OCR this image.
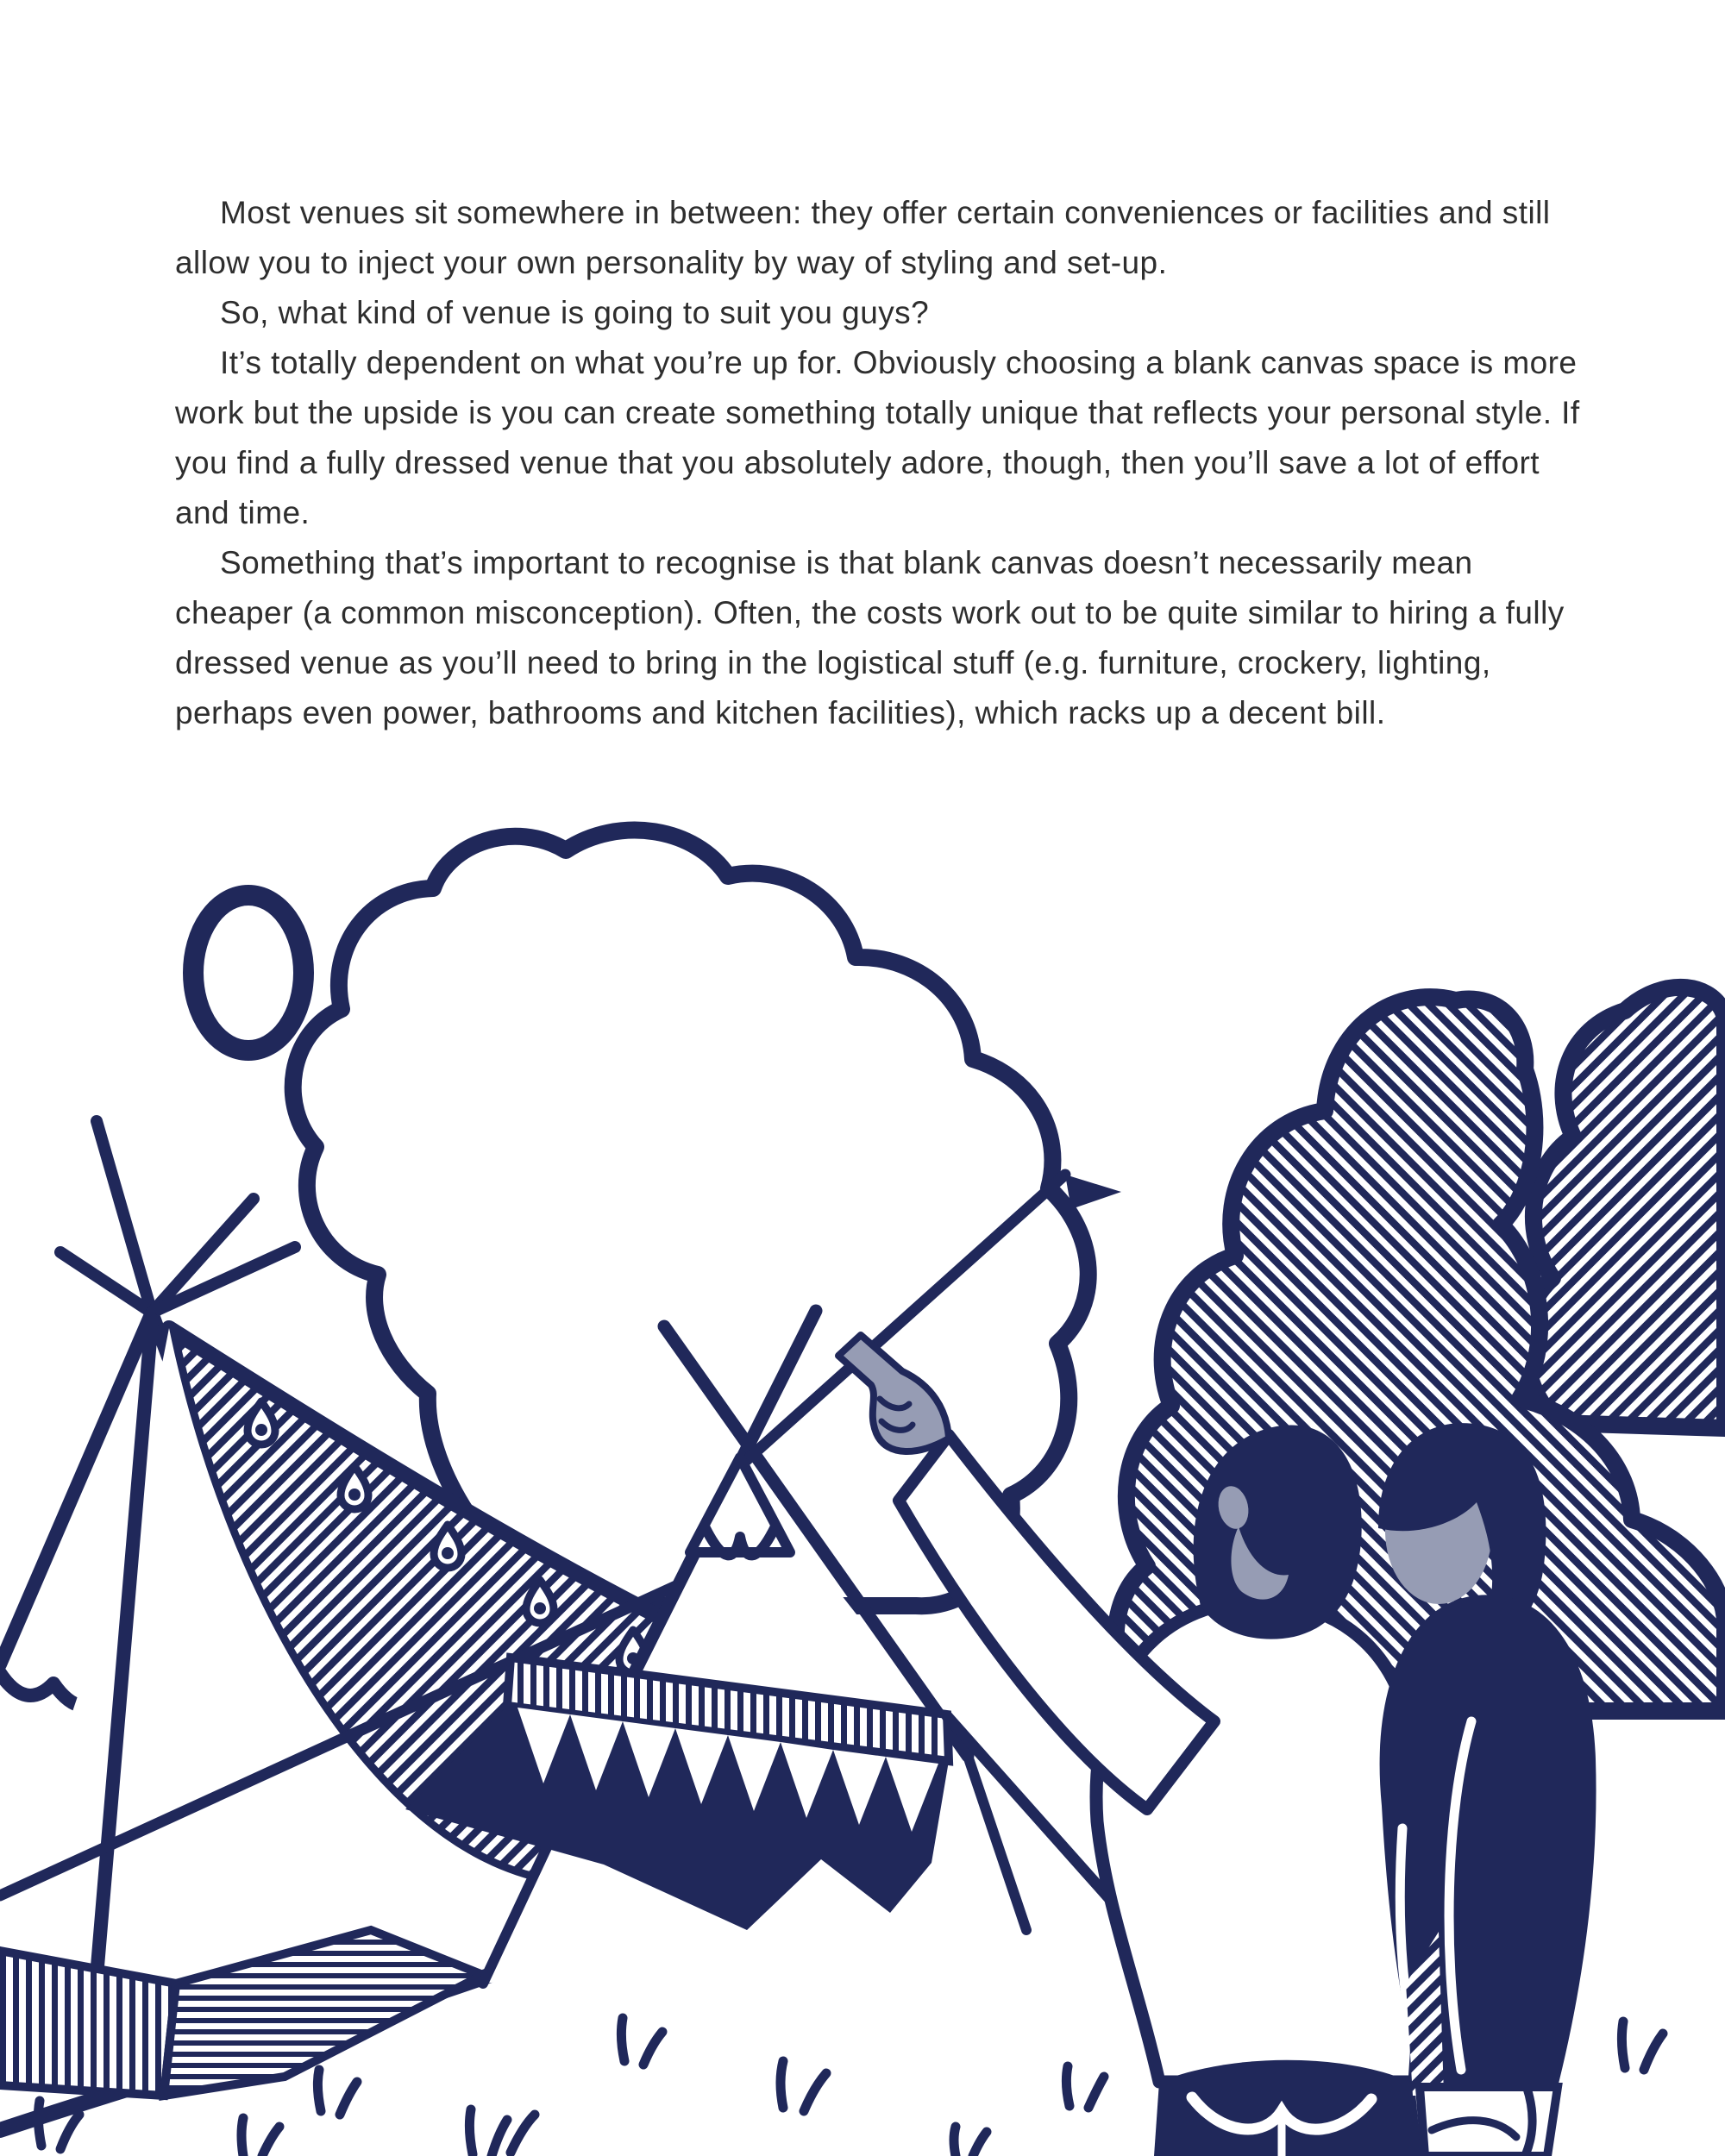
Most venues sit somewhere in between: they offer certain conveniences or facilities and still allow you to inject your own personality by way of styling and set-up.

So, what kind of venue is going to suit you guys?

It’s totally dependent on what you’re up for. Obviously choosing a blank canvas space is more work but the upside is you can create something totally unique that reflects your personal style. If you find a fully dressed venue that you absolutely adore, though, then you’ll save a lot of effort and time.

Something that’s important to recognise is that blank canvas doesn’t necessarily mean cheaper (a common misconception). Often, the costs work out to be quite similar to hiring a fully dressed venue as you’ll need to bring in the logistical stuff (e.g. furniture, crockery, lighting, perhaps even power, bathrooms and kitchen facilities), which racks up a decent bill.
